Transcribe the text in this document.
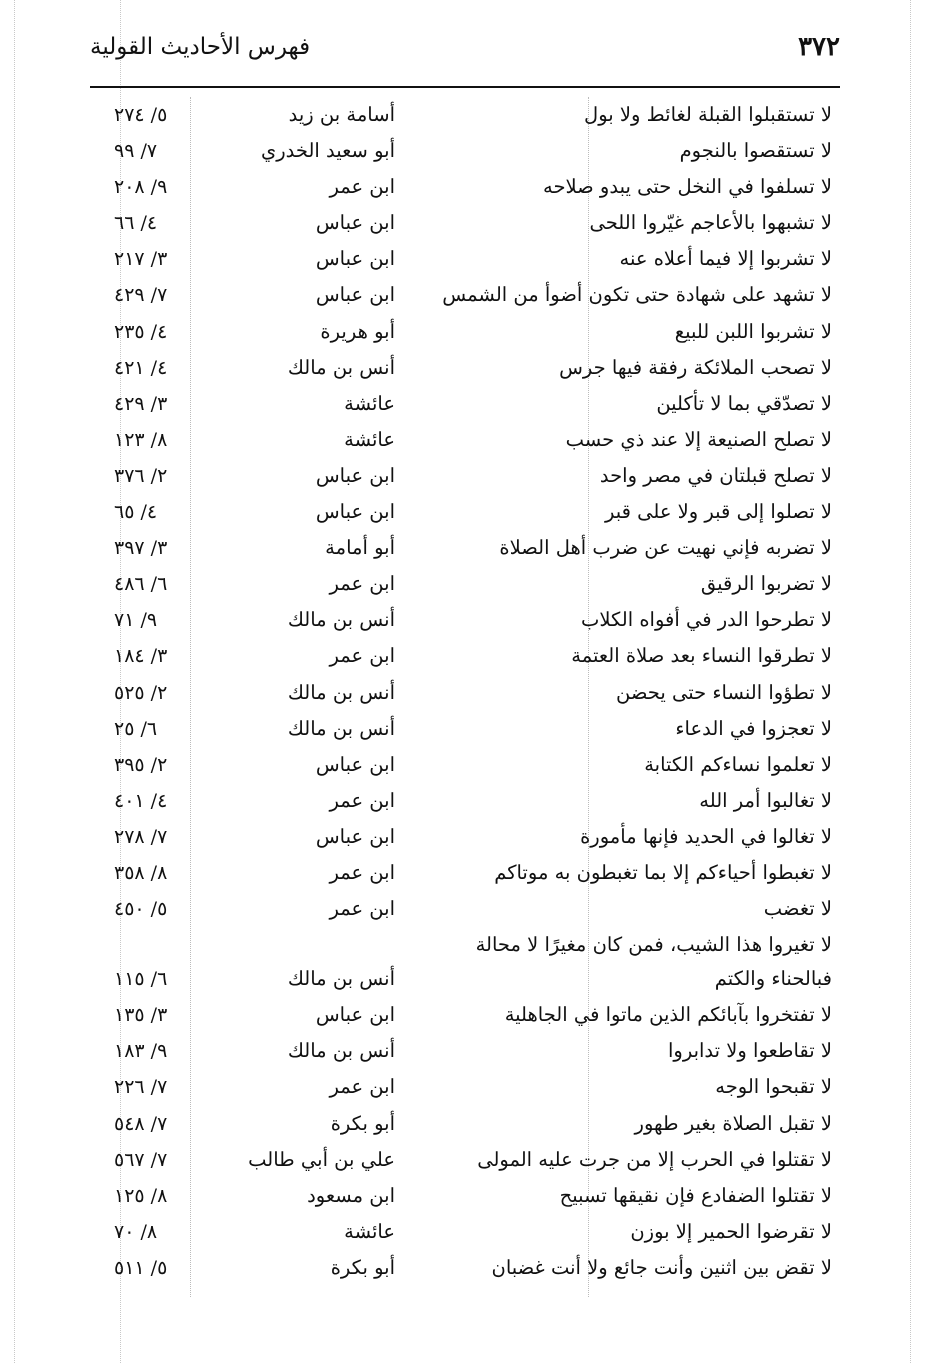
٣٧٢
فهرس الأحاديث القولية
لا تستقبلوا القبلة لغائط ولا بول
أسامة بن زيد
٥/ ٢٧٤
لا تستقصوا بالنجوم
أبو سعيد الخدري
٧/ ٩٩
لا تسلفوا في النخل حتى يبدو صلاحه
ابن عمر
٩/ ٢٠٨
لا تشبهوا بالأعاجم غيّروا اللحى
ابن عباس
٤/ ٦٦
لا تشربوا إلا فيما أعلاه عنه
ابن عباس
٣/ ٢١٧
لا تشهد على شهادة حتى تكون أضوأ من الشمس
ابن عباس
٧/ ٤٢٩
لا تشربوا اللبن للبيع
أبو هريرة
٤/ ٢٣٥
لا تصحب الملائكة رفقة فيها جرس
أنس بن مالك
٤/ ٤٢١
لا تصدّقي بما لا تأكلين
عائشة
٣/ ٤٢٩
لا تصلح الصنيعة إلا عند ذي حسب
عائشة
٨/ ١٢٣
لا تصلح قبلتان في مصر واحد
ابن عباس
٢/ ٣٧٦
لا تصلوا إلى قبر ولا على قبر
ابن عباس
٤/ ٦٥
لا تضربه فإني نهيت عن ضرب أهل الصلاة
أبو أمامة
٣/ ٣٩٧
لا تضربوا الرقيق
ابن عمر
٦/ ٤٨٦
لا تطرحوا الدر في أفواه الكلاب
أنس بن مالك
٩/ ٧١
لا تطرقوا النساء بعد صلاة العتمة
ابن عمر
٣/ ١٨٤
لا تطؤوا النساء حتى يحضن
أنس بن مالك
٢/ ٥٢٥
لا تعجزوا في الدعاء
أنس بن مالك
٦/ ٢٥
لا تعلموا نساءكم الكتابة
ابن عباس
٢/ ٣٩٥
لا تغالبوا أمر الله
ابن عمر
٤/ ٤٠١
لا تغالوا في الحديد فإنها مأمورة
ابن عباس
٧/ ٢٧٨
لا تغبطوا أحياءكم إلا بما تغبطون به موتاكم
ابن عمر
٨/ ٣٥٨
لا تغضب
ابن عمر
٥/ ٤٥٠
لا تغيروا هذا الشيب، فمن كان مغيرًا لا محالة
فبالحناء والكتم
أنس بن مالك
٦/ ١١٥
لا تفتخروا بآبائكم الذين ماتوا في الجاهلية
ابن عباس
٣/ ١٣٥
لا تقاطعوا ولا تدابروا
أنس بن مالك
٩/ ١٨٣
لا تقبحوا الوجه
ابن عمر
٧/ ٢٢٦
لا تقبل الصلاة بغير طهور
أبو بكرة
٧/ ٥٤٨
لا تقتلوا في الحرب إلا من جرت عليه المولى
علي بن أبي طالب
٧/ ٥٦٧
لا تقتلوا الضفادع فإن نقيقها تسبيح
ابن مسعود
٨/ ١٢٥
لا تقرضوا الحمير إلا بوزن
عائشة
٨/ ٧٠
لا تقض بين اثنين وأنت جائع ولا أنت غضبان
أبو بكرة
٥/ ٥١١
